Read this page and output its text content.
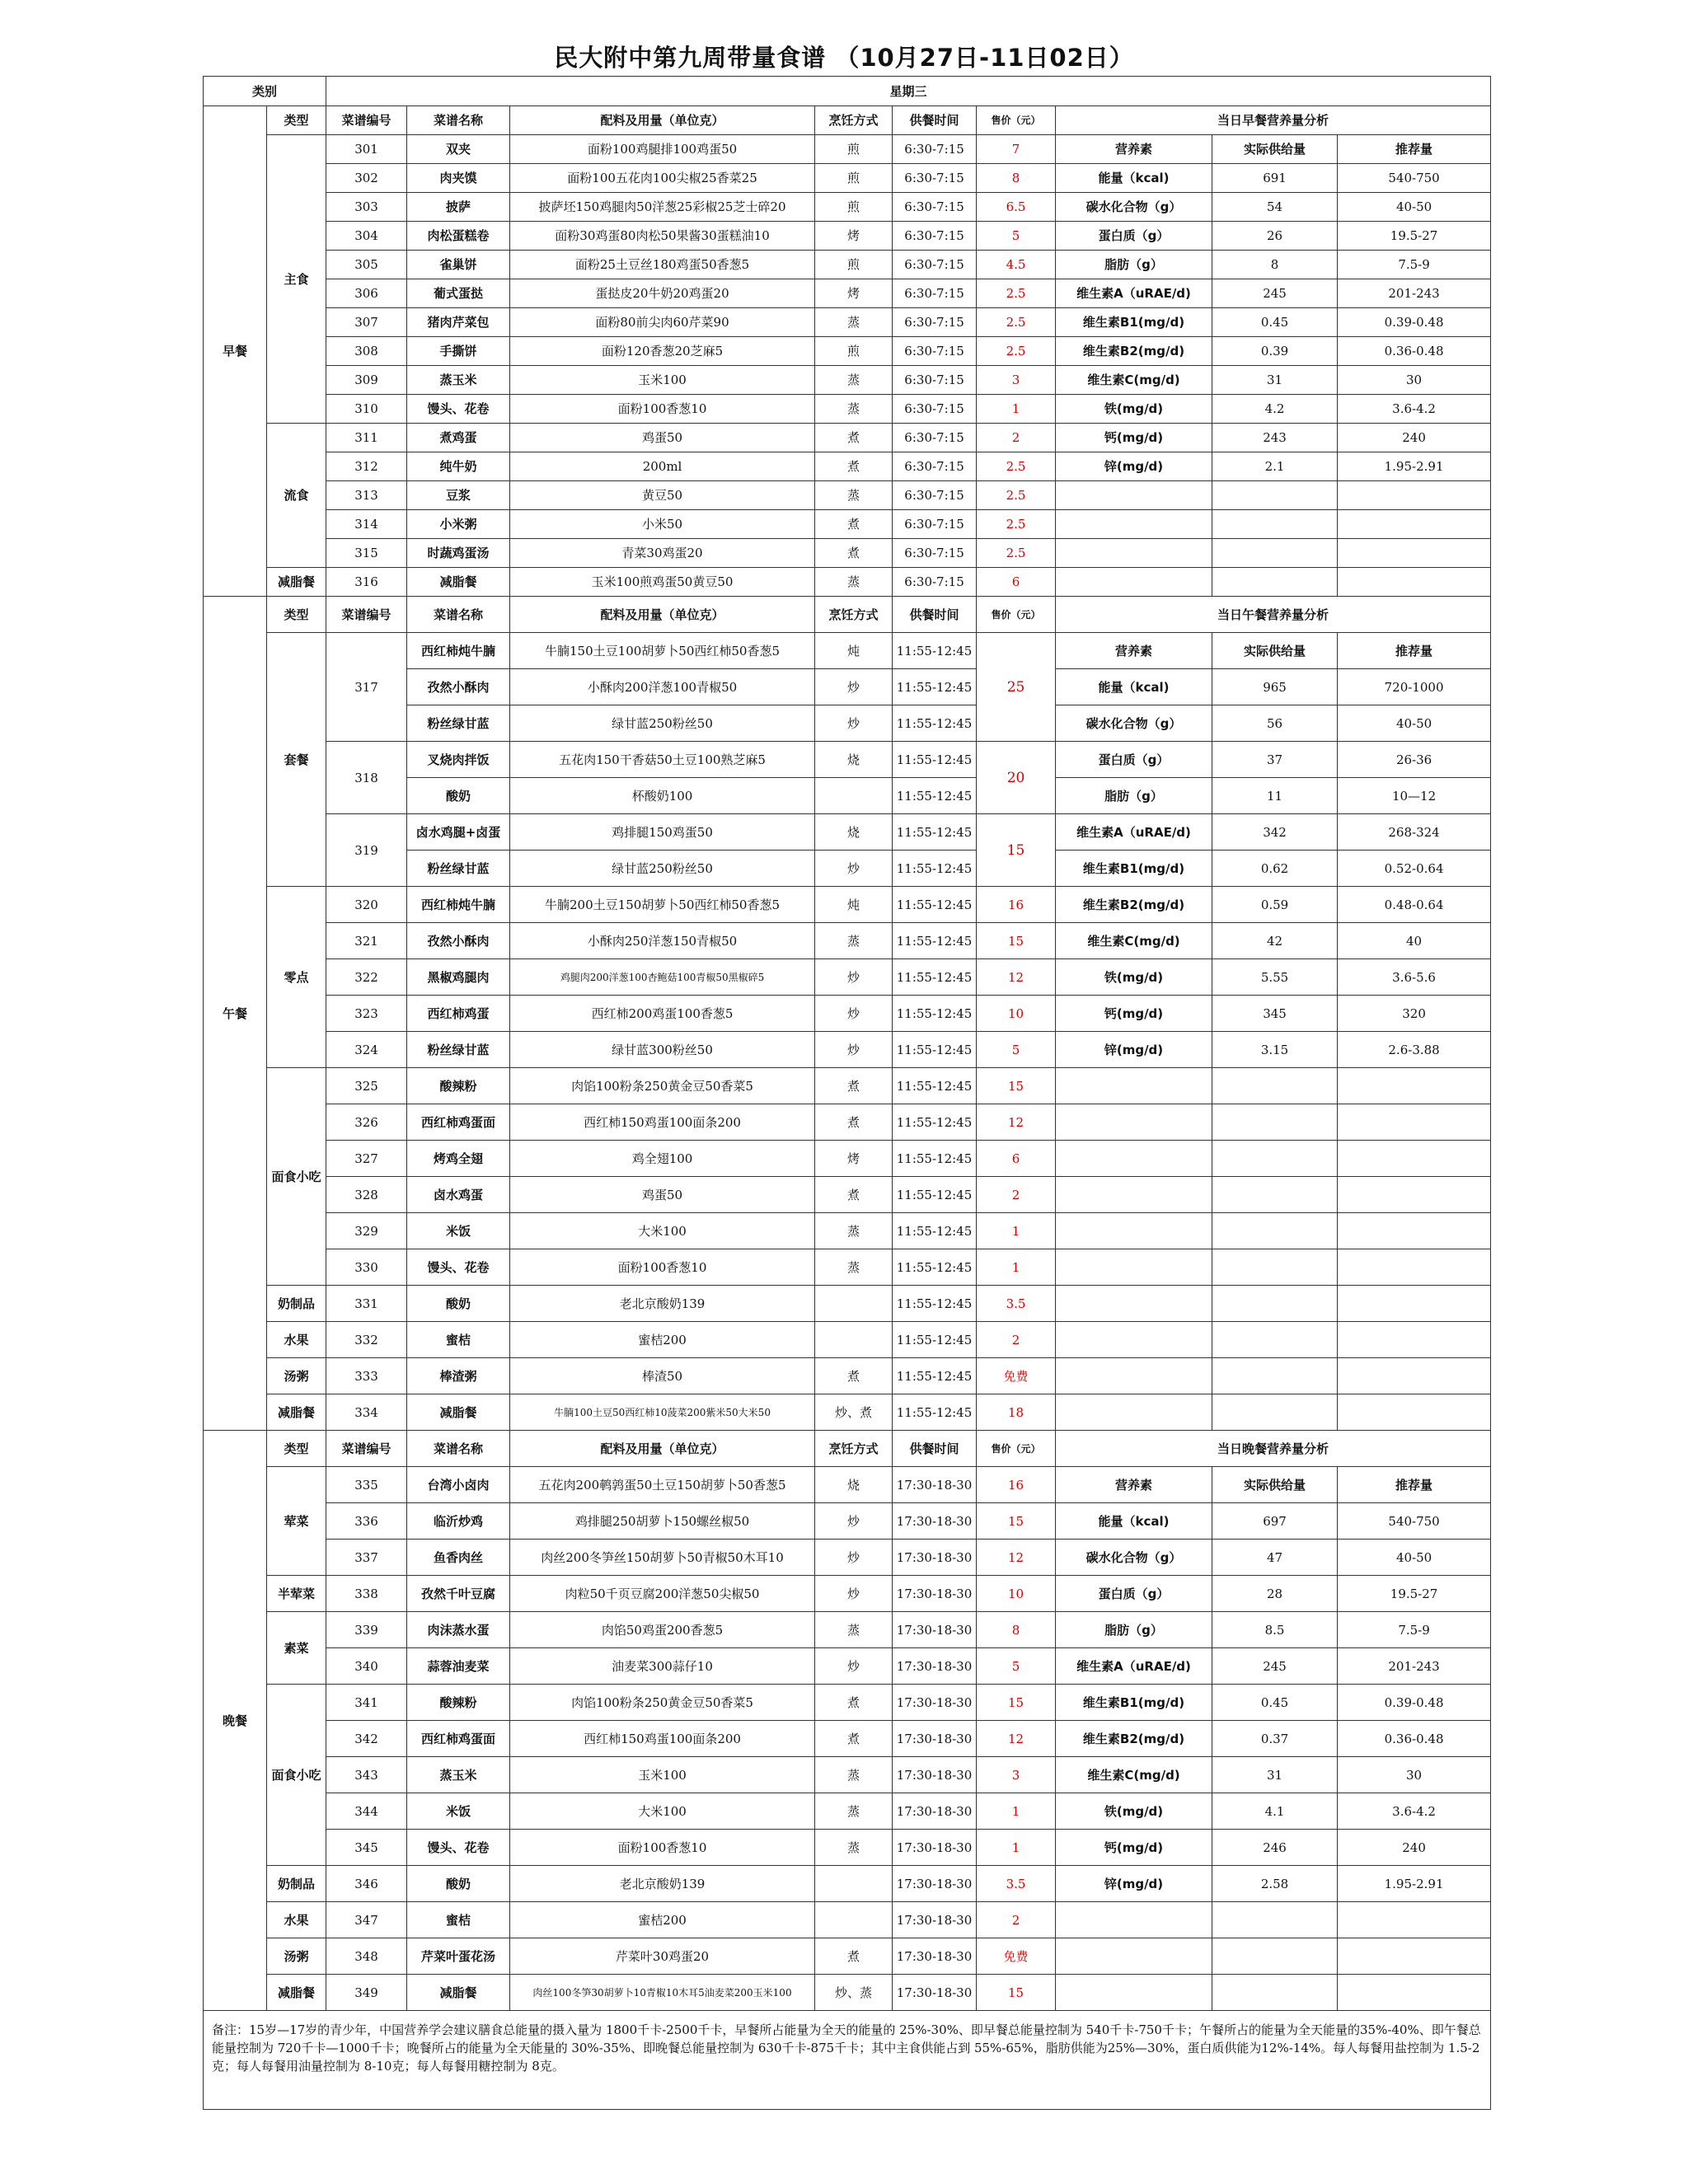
民大附中第九周带量食谱 （10月27日-11日02日）
类别		星期三								
早餐	类型	菜谱编号	菜谱名称	配料及用量（单位克）	烹饪方式	供餐时间	售价（元）	当日早餐营养量分析		
	主食	301	双夹	面粉100鸡腿排100鸡蛋50	煎	6:30-7:15	7	营养素	实际供给量	推荐量
		302	肉夹馍	面粉100五花肉100尖椒25香菜25	煎	6:30-7:15	8	能量（kcal)	691	540-750
		303	披萨	披萨坯150鸡腿肉50洋葱25彩椒25芝士碎20	煎	6:30-7:15	6.5	碳水化合物（g）	54	40-50
		304	肉松蛋糕卷	面粉30鸡蛋80肉松50果酱30蛋糕油10	烤	6:30-7:15	5	蛋白质（g）	26	19.5-27
		305	雀巢饼	面粉25土豆丝180鸡蛋50香葱5	煎	6:30-7:15	4.5	脂肪（g）	8	7.5-9
		306	葡式蛋挞	蛋挞皮20牛奶20鸡蛋20	烤	6:30-7:15	2.5	维生素A（uRAE/d)	245	201-243
		307	猪肉芹菜包	面粉80前尖肉60芹菜90	蒸	6:30-7:15	2.5	维生素B1(mg/d)	0.45	0.39-0.48
		308	手撕饼	面粉120香葱20芝麻5	煎	6:30-7:15	2.5	维生素B2(mg/d)	0.39	0.36-0.48
		309	蒸玉米	玉米100	蒸	6:30-7:15	3	维生素C(mg/d)	31	30
		310	馒头、花卷	面粉100香葱10	蒸	6:30-7:15	1	铁(mg/d)	4.2	3.6-4.2
	流食	311	煮鸡蛋	鸡蛋50	煮	6:30-7:15	2	钙(mg/d)	243	240
		312	纯牛奶	200ml	煮	6:30-7:15	2.5	锌(mg/d)	2.1	1.95-2.91
		313	豆浆	黄豆50	蒸	6:30-7:15	2.5			
		314	小米粥	小米50	煮	6:30-7:15	2.5			
		315	时蔬鸡蛋汤	青菜30鸡蛋20	煮	6:30-7:15	2.5			
	减脂餐	316	减脂餐	玉米100煎鸡蛋50黄豆50	蒸	6:30-7:15	6			
午餐	类型	菜谱编号	菜谱名称	配料及用量（单位克）	烹饪方式	供餐时间	售价（元）	当日午餐营养量分析		
	套餐	317	西红柿炖牛腩	牛腩150土豆100胡萝卜50西红柿50香葱5	炖	11:55-12:45	25	营养素	实际供给量	推荐量
			孜然小酥肉	小酥肉200洋葱100青椒50	炒	11:55-12:45		能量（kcal)	965	720-1000
			粉丝绿甘蓝	绿甘蓝250粉丝50	炒	11:55-12:45		碳水化合物（g）	56	40-50
		318	叉烧肉拌饭	五花肉150干香菇50土豆100熟芝麻5	烧	11:55-12:45	20	蛋白质（g）	37	26-36
			酸奶	杯酸奶100		11:55-12:45		脂肪（g）	11	10—12
		319	卤水鸡腿+卤蛋	鸡排腿150鸡蛋50	烧	11:55-12:45	15	维生素A（uRAE/d)	342	268-324
			粉丝绿甘蓝	绿甘蓝250粉丝50	炒	11:55-12:45		维生素B1(mg/d)	0.62	0.52-0.64
	零点	320	西红柿炖牛腩	牛腩200土豆150胡萝卜50西红柿50香葱5	炖	11:55-12:45	16	维生素B2(mg/d)	0.59	0.48-0.64
		321	孜然小酥肉	小酥肉250洋葱150青椒50	蒸	11:55-12:45	15	维生素C(mg/d)	42	40
		322	黑椒鸡腿肉	鸡腿肉200洋葱100杏鲍菇100青椒50黑椒碎5	炒	11:55-12:45	12	铁(mg/d)	5.55	3.6-5.6
		323	西红柿鸡蛋	西红柿200鸡蛋100香葱5	炒	11:55-12:45	10	钙(mg/d)	345	320
		324	粉丝绿甘蓝	绿甘蓝300粉丝50	炒	11:55-12:45	5	锌(mg/d)	3.15	2.6-3.88
	面食小吃	325	酸辣粉	肉馅100粉条250黄金豆50香菜5	煮	11:55-12:45	15			
		326	西红柿鸡蛋面	西红柿150鸡蛋100面条200	煮	11:55-12:45	12			
		327	烤鸡全翅	鸡全翅100	烤	11:55-12:45	6			
		328	卤水鸡蛋	鸡蛋50	煮	11:55-12:45	2			
		329	米饭	大米100	蒸	11:55-12:45	1			
		330	馒头、花卷	面粉100香葱10	蒸	11:55-12:45	1			
	奶制品	331	酸奶	老北京酸奶139		11:55-12:45	3.5			
	水果	332	蜜桔	蜜桔200		11:55-12:45	2			
	汤粥	333	棒渣粥	棒渣50	煮	11:55-12:45	免费			
	减脂餐	334	减脂餐	牛腩100土豆50西红柿10菠菜200紫米50大米50	炒、煮	11:55-12:45	18			
晚餐	类型	菜谱编号	菜谱名称	配料及用量（单位克）	烹饪方式	供餐时间	售价（元）	当日晚餐营养量分析		
	荤菜	335	台湾小卤肉	五花肉200鹌鹑蛋50土豆150胡萝卜50香葱5	烧	17:30-18-30	16	营养素	实际供给量	推荐量
		336	临沂炒鸡	鸡排腿250胡萝卜150螺丝椒50	炒	17:30-18-30	15	能量（kcal)	697	540-750
		337	鱼香肉丝	肉丝200冬笋丝150胡萝卜50青椒50木耳10	炒	17:30-18-30	12	碳水化合物（g）	47	40-50
	半荤菜	338	孜然千叶豆腐	肉粒50千页豆腐200洋葱50尖椒50	炒	17:30-18-30	10	蛋白质（g）	28	19.5-27
	素菜	339	肉沫蒸水蛋	肉馅50鸡蛋200香葱5	蒸	17:30-18-30	8	脂肪（g）	8.5	7.5-9
		340	蒜蓉油麦菜	油麦菜300蒜仔10	炒	17:30-18-30	5	维生素A（uRAE/d)	245	201-243
	面食小吃	341	酸辣粉	肉馅100粉条250黄金豆50香菜5	煮	17:30-18-30	15	维生素B1(mg/d)	0.45	0.39-0.48
		342	西红柿鸡蛋面	西红柿150鸡蛋100面条200	煮	17:30-18-30	12	维生素B2(mg/d)	0.37	0.36-0.48
		343	蒸玉米	玉米100	蒸	17:30-18-30	3	维生素C(mg/d)	31	30
		344	米饭	大米100	蒸	17:30-18-30	1	铁(mg/d)	4.1	3.6-4.2
		345	馒头、花卷	面粉100香葱10	蒸	17:30-18-30	1	钙(mg/d)	246	240
	奶制品	346	酸奶	老北京酸奶139		17:30-18-30	3.5	锌(mg/d)	2.58	1.95-2.91
	水果	347	蜜桔	蜜桔200		17:30-18-30	2			
	汤粥	348	芹菜叶蛋花汤	芹菜叶30鸡蛋20	煮	17:30-18-30	免费			
	减脂餐	349	减脂餐	肉丝100冬笋30胡萝卜10青椒10木耳5油麦菜200玉米100	炒、蒸	17:30-18-30	15			
备注：15岁—17岁的青少年，中国营养学会建议膳食总能量的摄入量为 1800千卡-2500千卡，早餐所占能量为全天的能量的 25%-30%、即早餐总能量控制为 540千卡-750千卡；午餐所占的能量为全天能量的35%-40%、即午餐总能量控制为 720千卡—1000千卡；晚餐所占的能量为全天能量的 30%-35%、即晚餐总能量控制为 630千卡-875千卡；其中主食供能占到 55%-65%，脂肪供能为25%—30%，蛋白质供能为12%-14%。每人每餐用盐控制为 1.5-2克；每人每餐用油量控制为 8-10克；每人每餐用糖控制为 8克。										
